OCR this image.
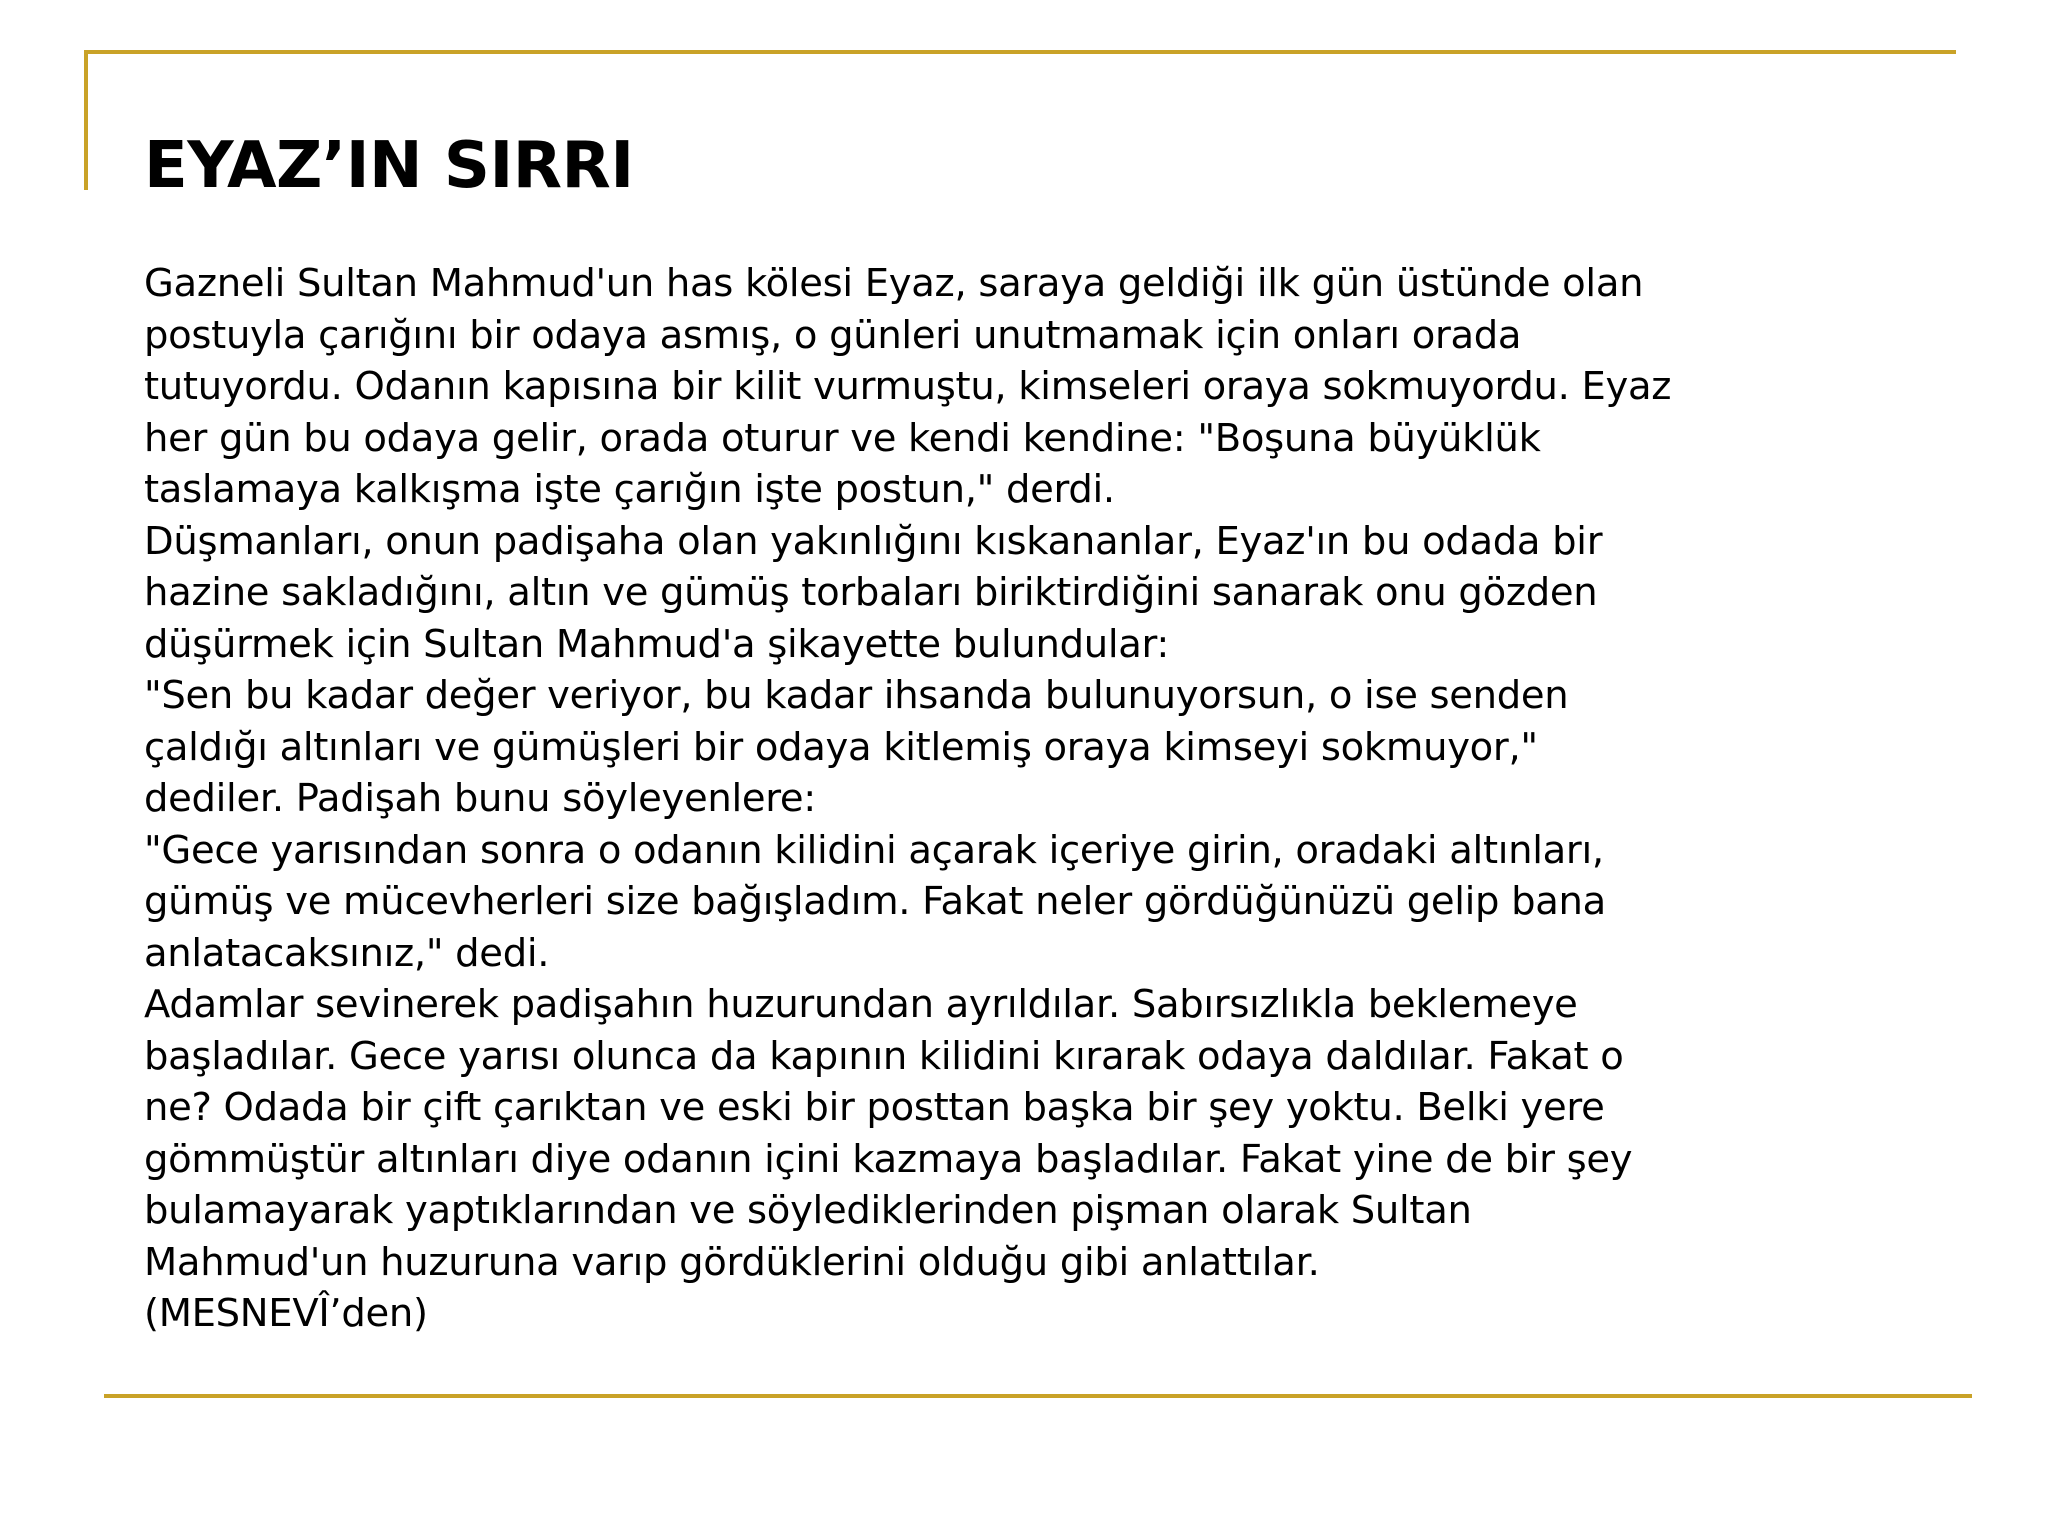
EYAZ’IN SIRRI
Gazneli Sultan Mahmud'un has kölesi Eyaz, saraya geldiği ilk gün üstünde olan
postuyla çarığını bir odaya asmış, o günleri unutmamak için onları orada
tutuyordu. Odanın kapısına bir kilit vurmuştu, kimseleri oraya sokmuyordu. Eyaz
her gün bu odaya gelir, orada oturur ve kendi kendine: "Boşuna büyüklük
taslamaya kalkışma işte çarığın işte postun," derdi.
Düşmanları, onun padişaha olan yakınlığını kıskananlar, Eyaz'ın bu odada bir
hazine sakladığını, altın ve gümüş torbaları biriktirdiğini sanarak onu gözden
düşürmek için Sultan Mahmud'a şikayette bulundular:
"Sen bu kadar değer veriyor, bu kadar ihsanda bulunuyorsun, o ise senden
çaldığı altınları ve gümüşleri bir odaya kitlemiş oraya kimseyi sokmuyor,"
dediler. Padişah bunu söyleyenlere:
"Gece yarısından sonra o odanın kilidini açarak içeriye girin, oradaki altınları,
gümüş ve mücevherleri size bağışladım. Fakat neler gördüğünüzü gelip bana
anlatacaksınız," dedi.
Adamlar sevinerek padişahın huzurundan ayrıldılar. Sabırsızlıkla beklemeye
başladılar. Gece yarısı olunca da kapının kilidini kırarak odaya daldılar. Fakat o
ne? Odada bir çift çarıktan ve eski bir posttan başka bir şey yoktu. Belki yere
gömmüştür altınları diye odanın içini kazmaya başladılar. Fakat yine de bir şey
bulamayarak yaptıklarından ve söylediklerinden pişman olarak Sultan
Mahmud'un huzuruna varıp gördüklerini olduğu gibi anlattılar.
(MESNEVÎ’den)
